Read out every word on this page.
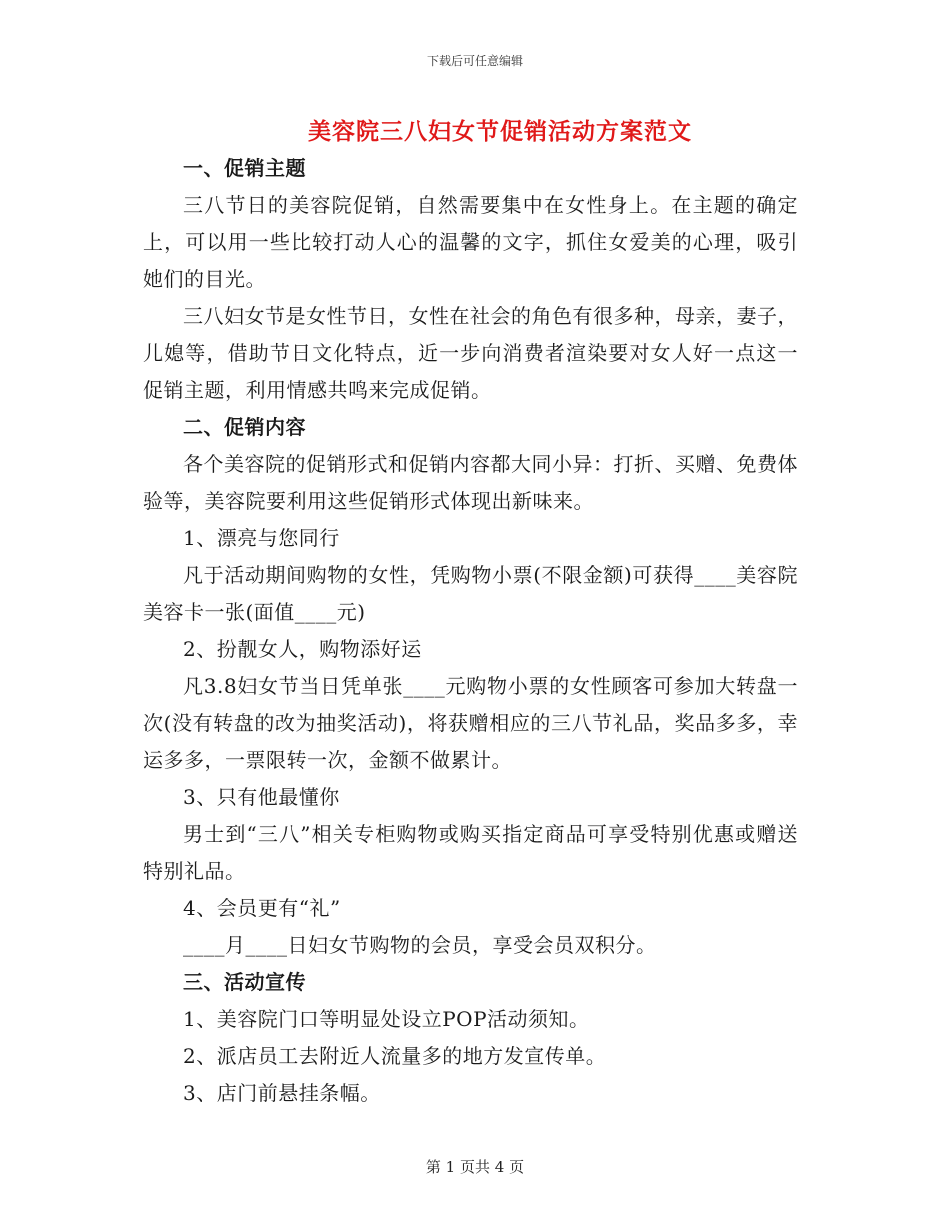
下载后可任意编辑
美容院三八妇女节促销活动方案范文

一、促销主题

三八节日的美容院促销，自然需要集中在女性身上。在主题的确定上，可以用一些比较打动人心的温馨的文字，抓住女爱美的心理，吸引她们的目光。

三八妇女节是女性节日，女性在社会的角色有很多种，母亲，妻子，儿媳等，借助节日文化特点，近一步向消费者渲染要对女人好一点这一促销主题，利用情感共鸣来完成促销。

二、促销内容

各个美容院的促销形式和促销内容都大同小异：打折、买赠、免费体验等，美容院要利用这些促销形式体现出新味来。

1、漂亮与您同行

凡于活动期间购物的女性，凭购物小票(不限金额)可获得____美容院美容卡一张(面值____元)

2、扮靓女人，购物添好运

凡3.8妇女节当日凭单张____元购物小票的女性顾客可参加大转盘一次(没有转盘的改为抽奖活动)，将获赠相应的三八节礼品，奖品多多，幸运多多，一票限转一次，金额不做累计。

3、只有他最懂你

男士到“三八”相关专柜购物或购买指定商品可享受特别优惠或赠送特别礼品。

4、会员更有“礼”

____月____日妇女节购物的会员，享受会员双积分。

三、活动宣传

1、美容院门口等明显处设立POP活动须知。

2、派店员工去附近人流量多的地方发宣传单。

3、店门前悬挂条幅。

第 1 页共 4 页
